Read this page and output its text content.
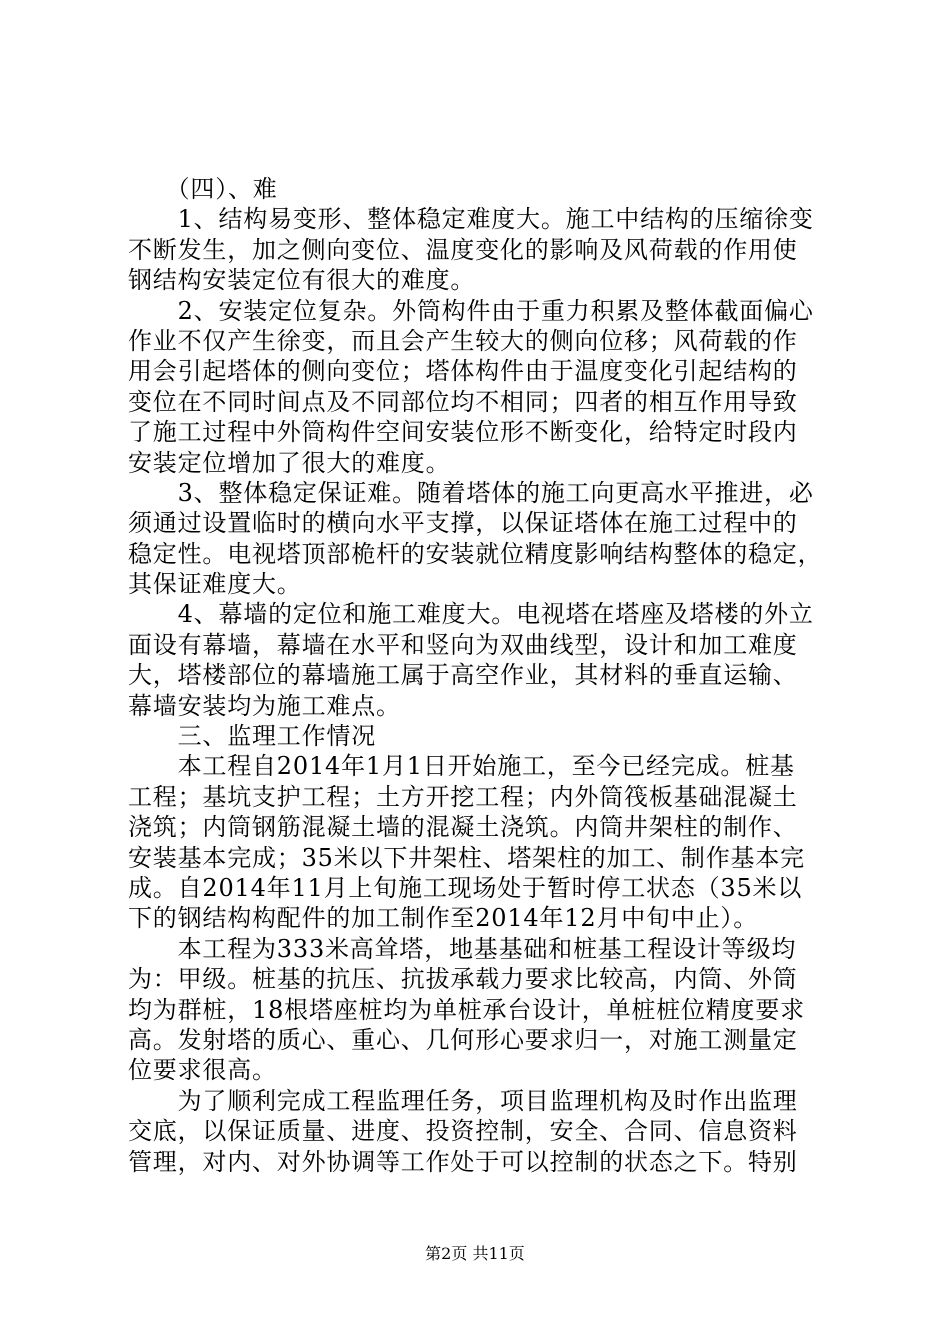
　　（四）、难
　　1、结构易变形、整体稳定难度大。施工中结构的压缩徐变
不断发生，加之侧向变位、温度变化的影响及风荷载的作用使
钢结构安装定位有很大的难度。
　　2、安装定位复杂。外筒构件由于重力积累及整体截面偏心
作业不仅产生徐变，而且会产生较大的侧向位移；风荷载的作
用会引起塔体的侧向变位；塔体构件由于温度变化引起结构的
变位在不同时间点及不同部位均不相同；四者的相互作用导致
了施工过程中外筒构件空间安装位形不断变化，给特定时段内
安装定位增加了很大的难度。
　　3、整体稳定保证难。随着塔体的施工向更高水平推进，必
须通过设置临时的横向水平支撑，以保证塔体在施工过程中的
稳定性。电视塔顶部桅杆的安装就位精度影响结构整体的稳定，
其保证难度大。
　　4、幕墙的定位和施工难度大。电视塔在塔座及塔楼的外立
面设有幕墙，幕墙在水平和竖向为双曲线型，设计和加工难度
大，塔楼部位的幕墙施工属于高空作业，其材料的垂直运输、
幕墙安装均为施工难点。
　　三、监理工作情况
　　本工程自2014年1月1日开始施工，至今已经完成。桩基
工程；基坑支护工程；土方开挖工程；内外筒筏板基础混凝土
浇筑；内筒钢筋混凝土墙的混凝土浇筑。内筒井架柱的制作、
安装基本完成；35米以下井架柱、塔架柱的加工、制作基本完
成。自2014年11月上旬施工现场处于暂时停工状态（35米以
下的钢结构构配件的加工制作至2014年12月中旬中止）。
　　本工程为333米高耸塔，地基基础和桩基工程设计等级均
为：甲级。桩基的抗压、抗拔承载力要求比较高，内筒、外筒
均为群桩，18根塔座桩均为单桩承台设计，单桩桩位精度要求
高。发射塔的质心、重心、几何形心要求归一，对施工测量定
位要求很高。
　　为了顺利完成工程监理任务，项目监理机构及时作出监理
交底，以保证质量、进度、投资控制，安全、合同、信息资料
管理，对内、对外协调等工作处于可以控制的状态之下。特别
第2页 共11页
